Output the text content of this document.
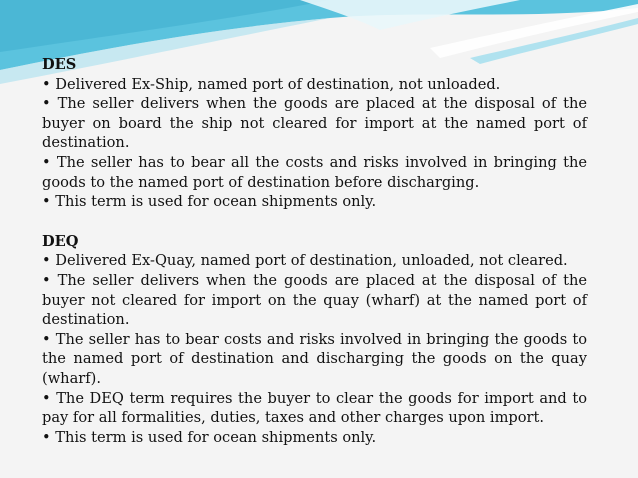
DES

• Delivered Ex-Ship, named port of destination, not unloaded.

• The seller delivers when the goods are placed at the disposal of the buyer on board the ship not cleared for import at the named port of destination.

• The seller has to bear all the costs and risks involved in bringing the goods to the named port of destination before discharging.

• This term is used for ocean shipments only.

DEQ

• Delivered Ex-Quay, named port of destination, unloaded, not cleared.

• The seller delivers when the goods are placed at the disposal of the buyer not cleared for import on the quay (wharf) at the named port of destination.

• The seller has to bear costs and risks involved in bringing the goods to the named port of destination and discharging the goods on the quay (wharf).

• The DEQ term requires the buyer to clear the goods for import and to pay for all formalities, duties, taxes and other charges upon import.

• This term is used for ocean shipments only.
